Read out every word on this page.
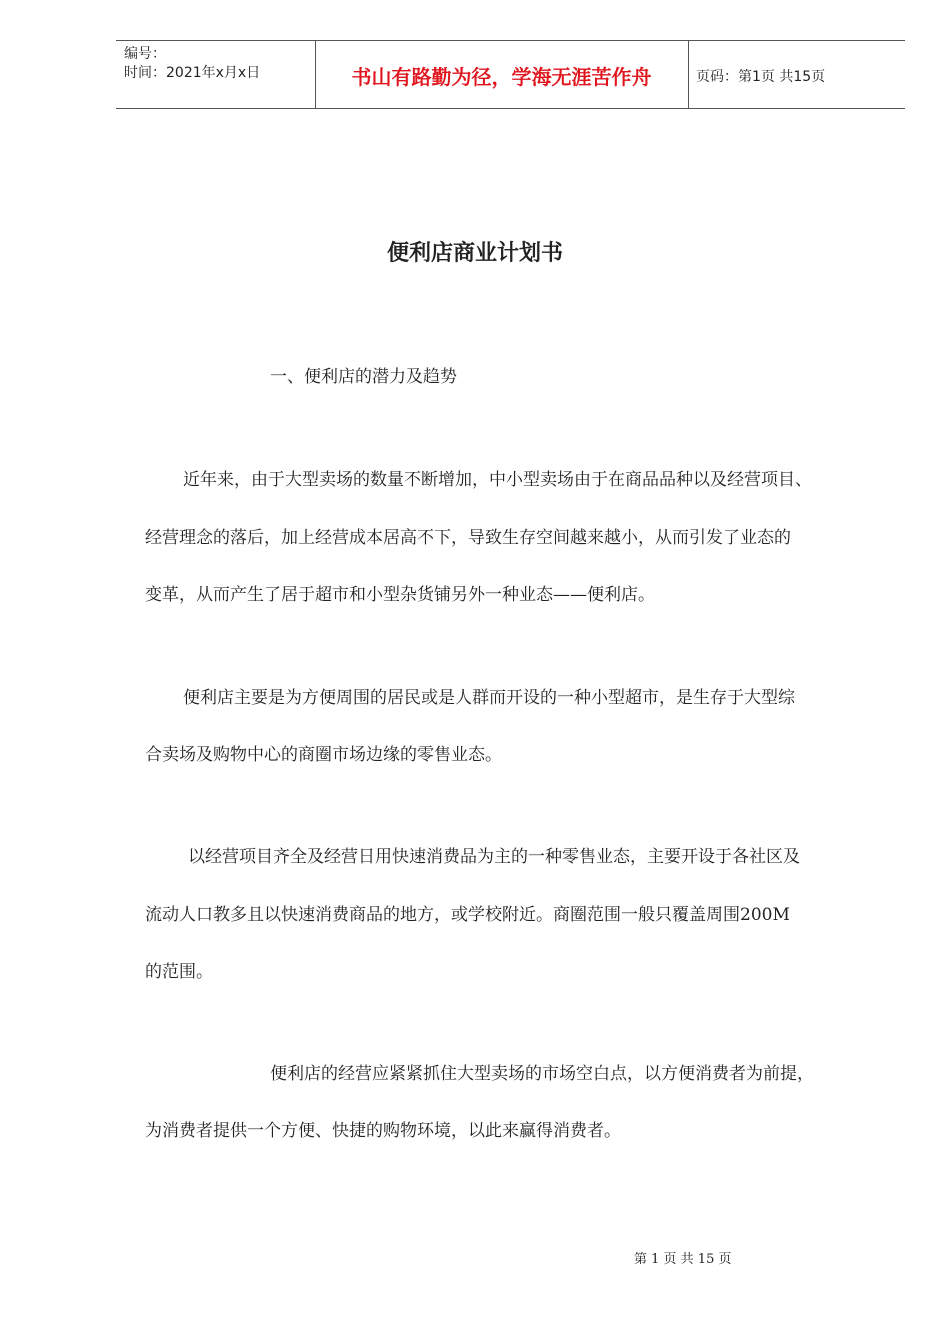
编号：
时间：2021年x月x日	书山有路勤为径，学海无涯苦作舟	页码：第1页 共15页
便利店商业计划书
一、便利店的潜力及趋势
近年来，由于大型卖场的数量不断增加，中小型卖场由于在商品品种以及经营项目、
经营理念的落后，加上经营成本居高不下，导致生存空间越来越小，从而引发了业态的
变革，从而产生了居于超市和小型杂货铺另外一种业态——便利店。
便利店主要是为方便周围的居民或是人群而开设的一种小型超市，是生存于大型综
合卖场及购物中心的商圈市场边缘的零售业态。
以经营项目齐全及经营日用快速消费品为主的一种零售业态，主要开设于各社区及
流动人口教多且以快速消费商品的地方，或学校附近。商圈范围一般只覆盖周围200M
的范围。
便利店的经营应紧紧抓住大型卖场的市场空白点，以方便消费者为前提，
为消费者提供一个方便、快捷的购物环境，以此来赢得消费者。
第 1 页 共 15 页
